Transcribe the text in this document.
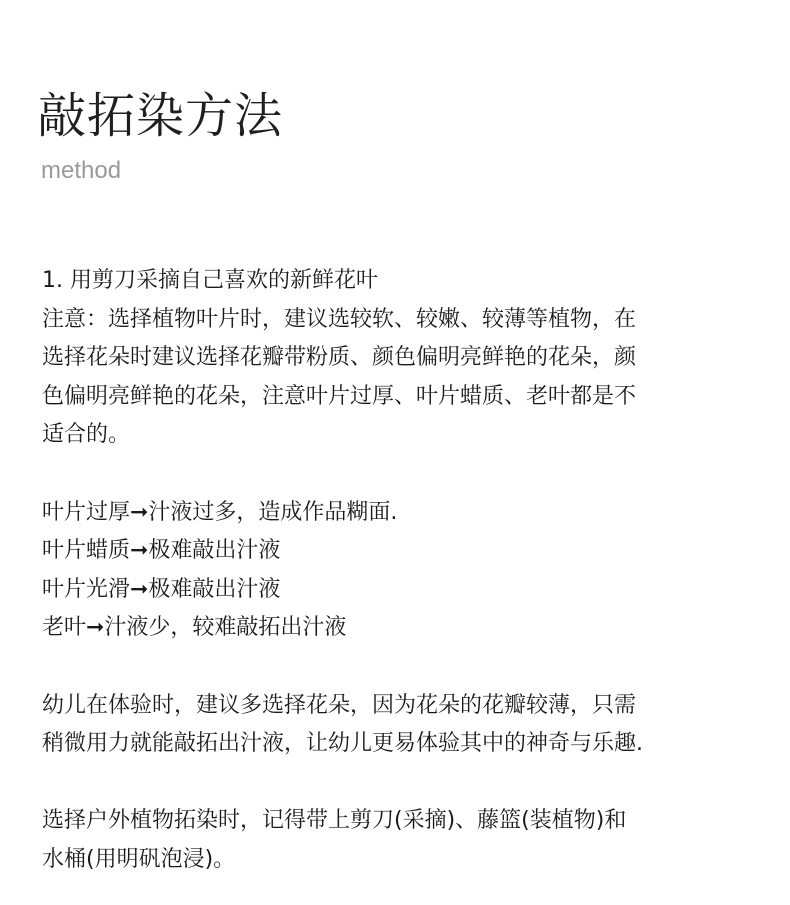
敲拓染方法
method
1. 用剪刀采摘自己喜欢的新鲜花叶
注意：选择植物叶片时，建议选较软、较嫩、较薄等植物，在
选择花朵时建议选择花瓣带粉质、颜色偏明亮鲜艳的花朵，颜
色偏明亮鲜艳的花朵，注意叶片过厚、叶片蜡质、老叶都是不
适合的。
叶片过厚➞汁液过多，造成作品糊面.
叶片蜡质➞极难敲出汁液
叶片光滑➞极难敲出汁液
老叶➞汁液少，较难敲拓出汁液
幼儿在体验时，建议多选择花朵，因为花朵的花瓣较薄，只需
稍微用力就能敲拓出汁液，让幼儿更易体验其中的神奇与乐趣.
选择户外植物拓染时，记得带上剪刀(采摘)、藤篮(装植物)和
水桶(用明矾泡浸)。
